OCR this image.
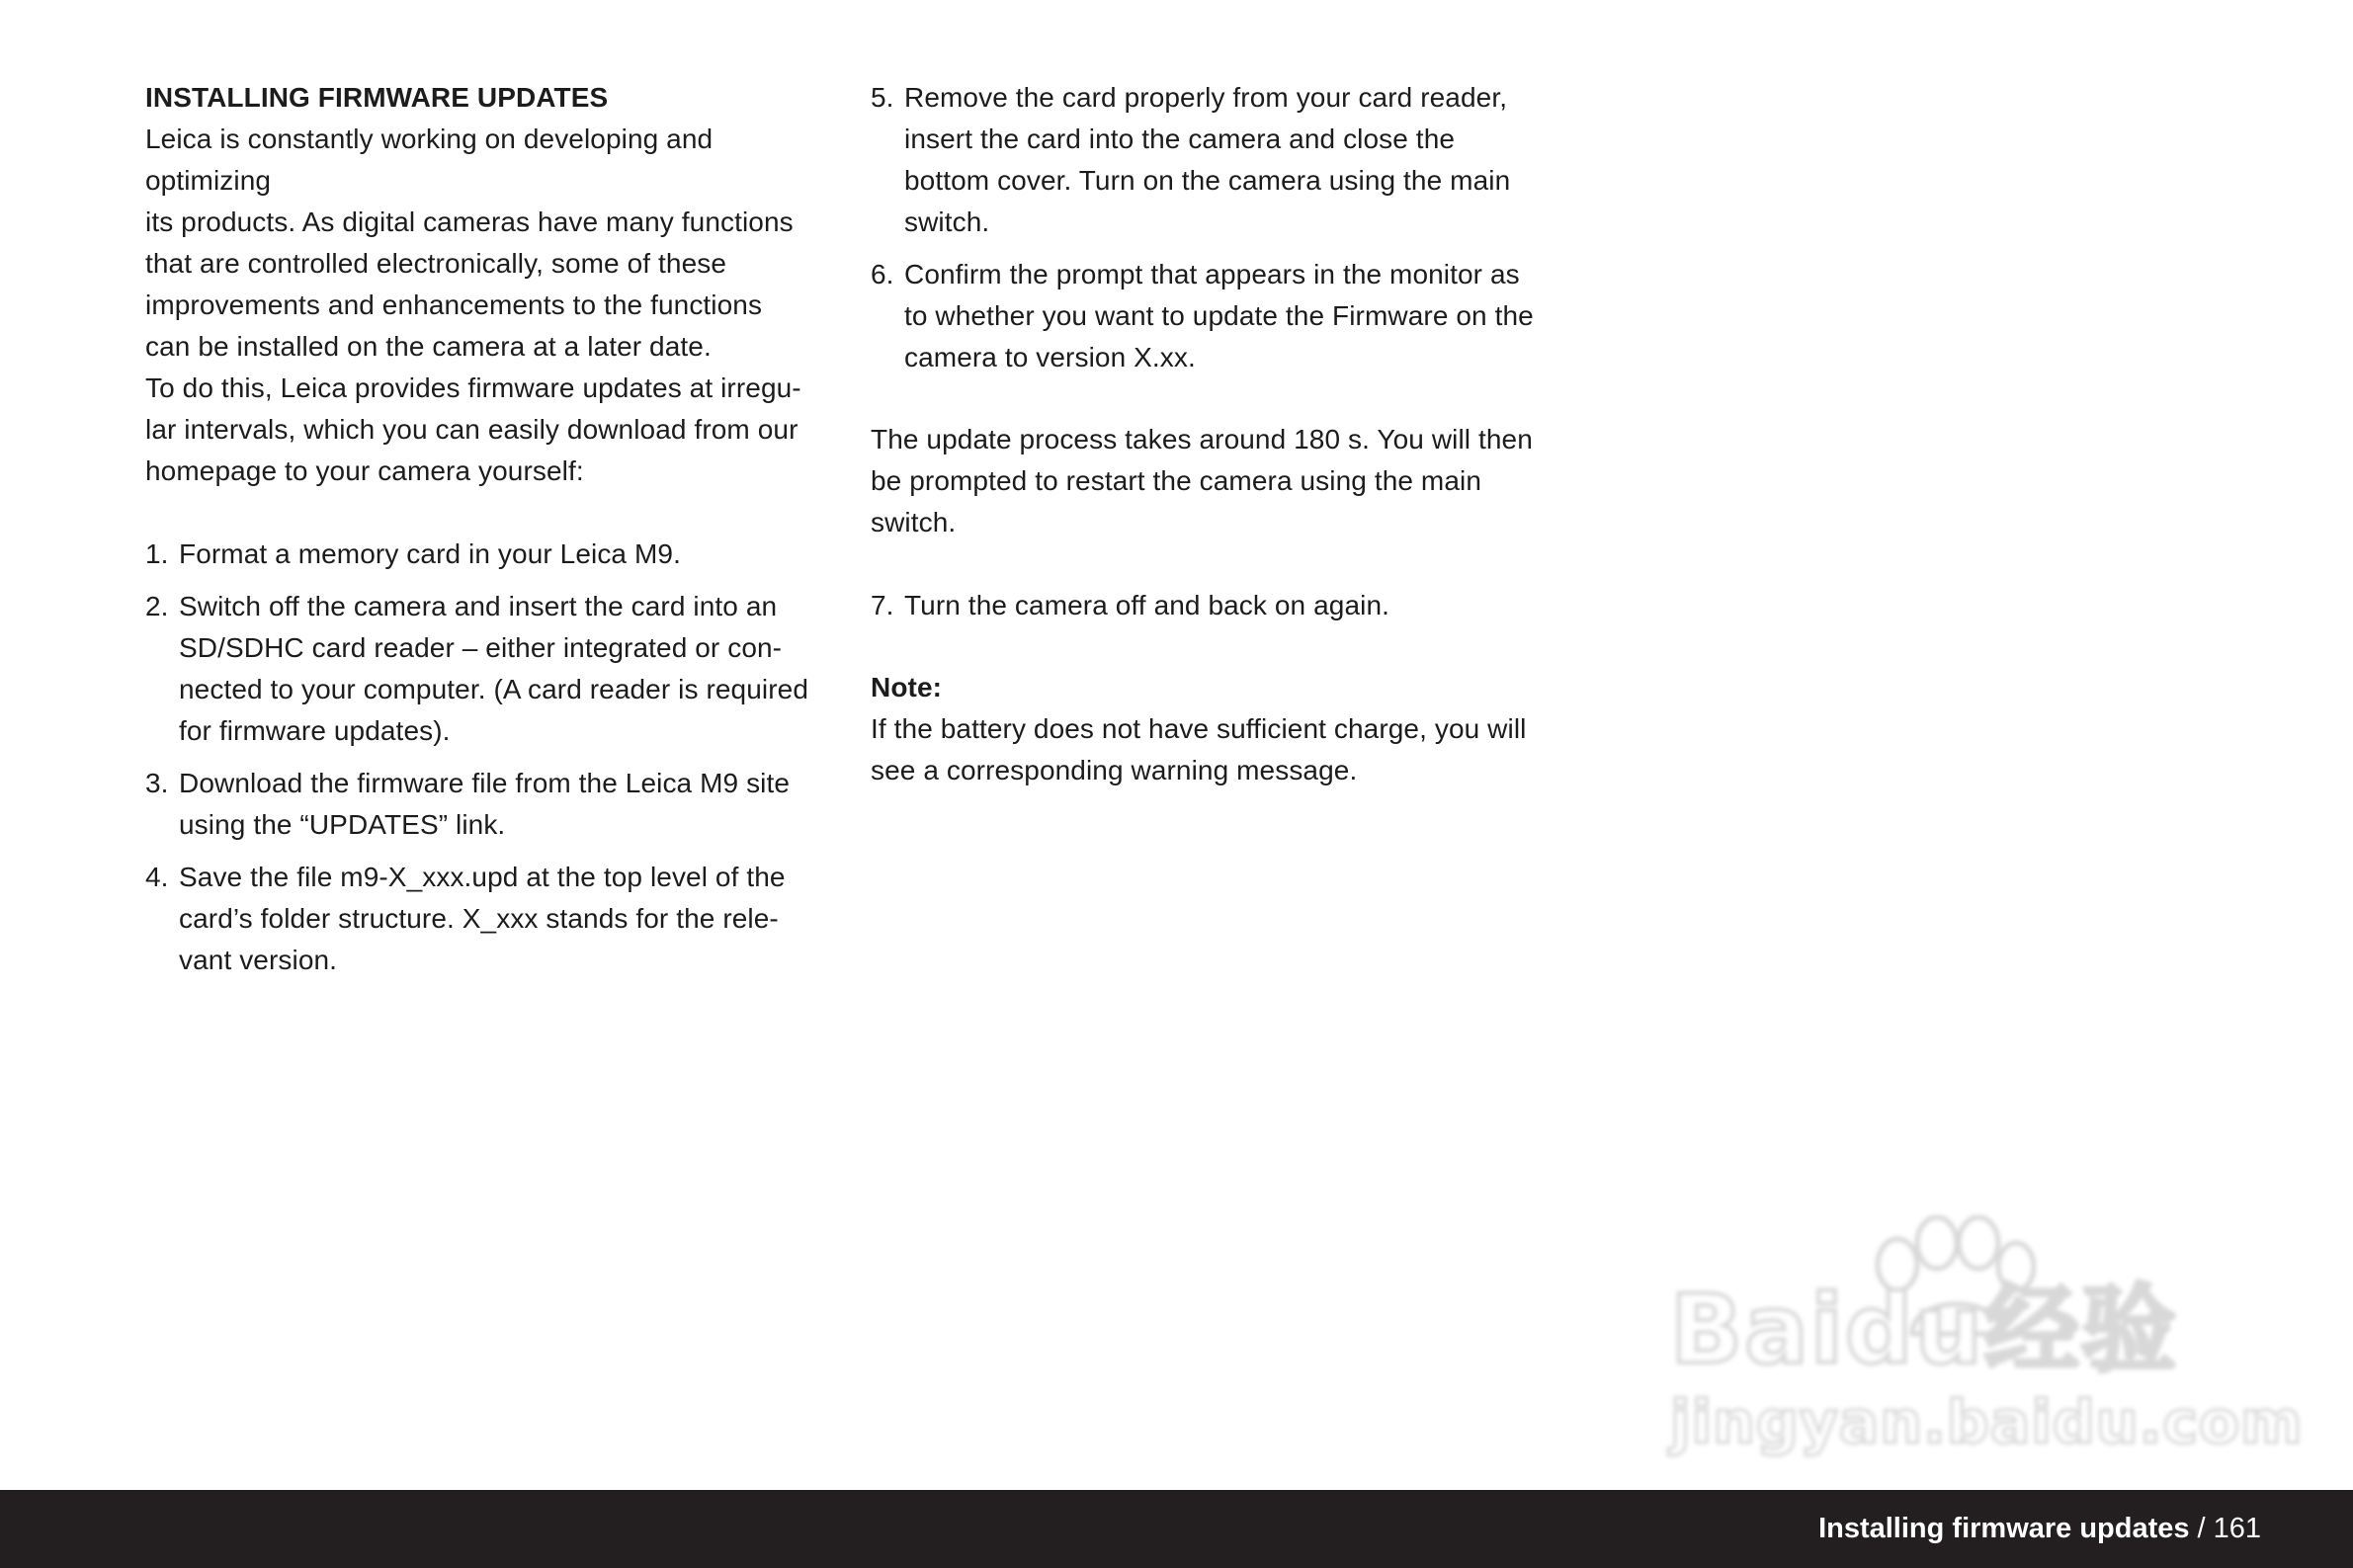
INSTALLING FIRMWARE UPDATES

Leica is constantly working on developing and optimizing
its products. As digital cameras have many functions
that are controlled electronically, some of these
improvements and enhancements to the functions
can be installed on the camera at a later date.
To do this, Leica provides firmware updates at irregu-
lar intervals, which you can easily download from our
homepage to your camera yourself:

1. Format a memory card in your Leica M9.
2. Switch off the camera and insert the card into an
SD/SDHC card reader – either integrated or con-
nected to your computer. (A card reader is required
for firmware updates).
3. Download the firmware file from the Leica M9 site
using the “UPDATES” link.
4. Save the file m9-X_xxx.upd at the top level of the
card’s folder structure. X_xxx stands for the rele-
vant version.
5. Remove the card properly from your card reader,
insert the card into the camera and close the
bottom cover. Turn on the camera using the main
switch.
6. Confirm the prompt that appears in the monitor as
to whether you want to update the Firmware on the
camera to version X.xx.

The update process takes around 180 s. You will then
be prompted to restart the camera using the main
switch.

7. Turn the camera off and back on again.

Note:

If the battery does not have sufficient charge, you will
see a corresponding warning message.

Baidu经验
jingyan.baidu.com
Installing firmware updates / 161
